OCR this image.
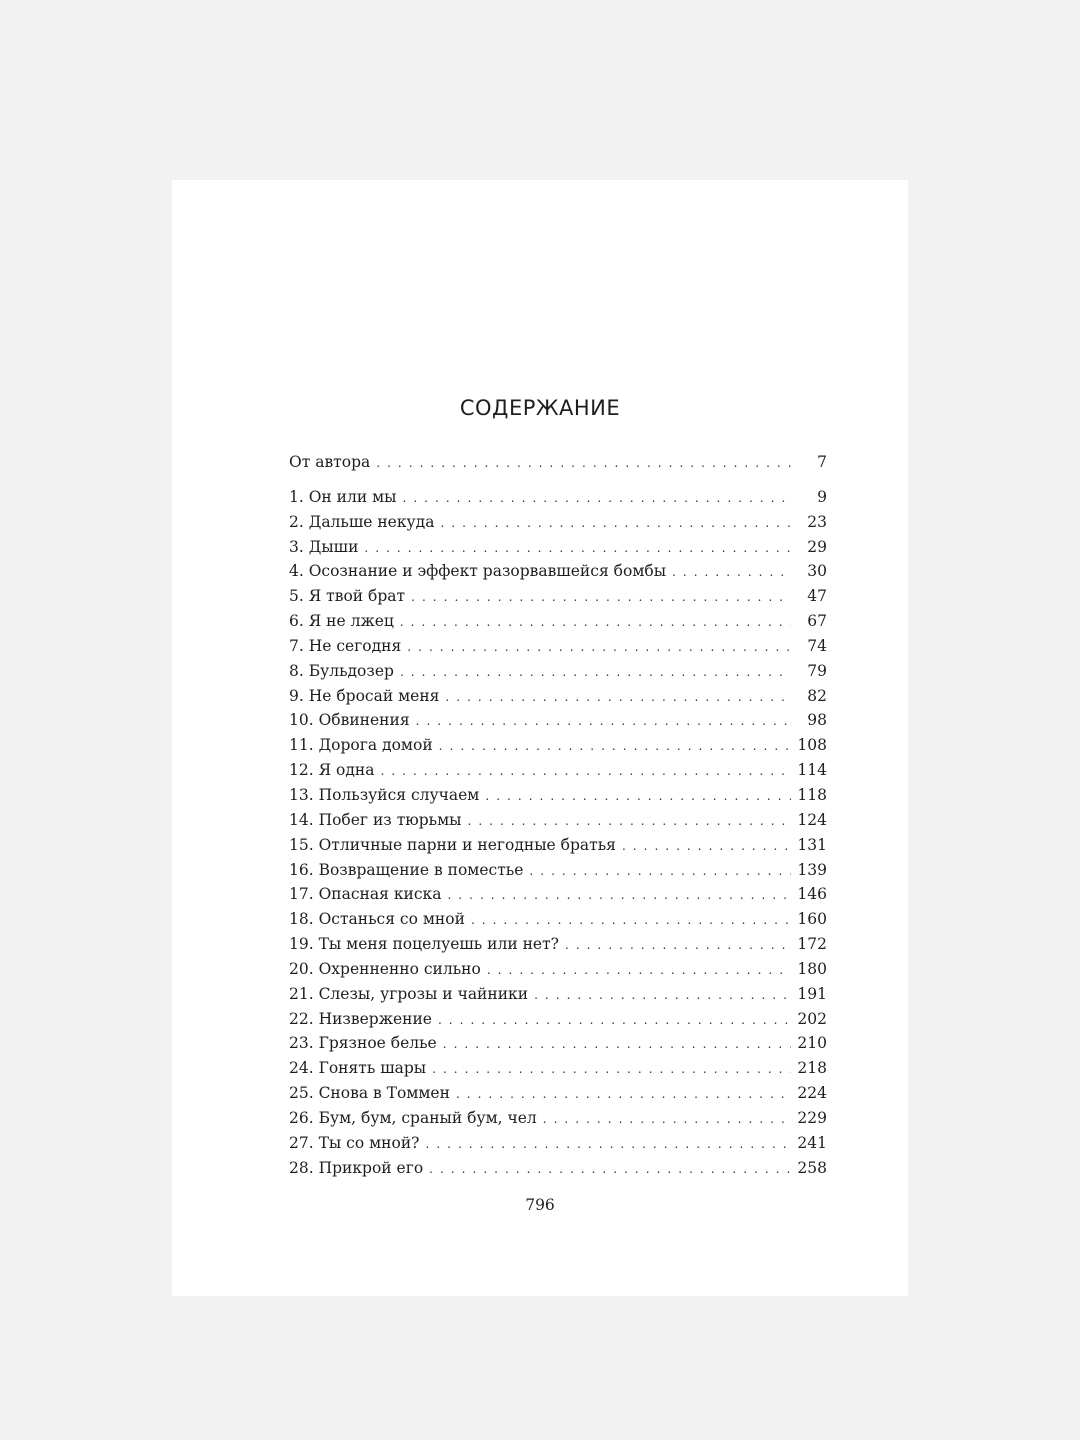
СОДЕРЖАНИЕ
От автора . . .	7
1. Он или мы . . .	9
2. Дальше некуда . . .	23
3. Дыши . . .	29
4. Осознание и эффект разорвавшейся бомбы . . .	30
5. Я твой брат . . .	47
6. Я не лжец . . .	67
7. Не сегодня . . .	74
8. Бульдозер . . .	79
9. Не бросай меня . . .	82
10. Обвинения . . .	98
11. Дорога домой . . .	108
12. Я одна . . .	114
13. Пользуйся случаем . . .	118
14. Побег из тюрьмы . . .	124
15. Отличные парни и негодные братья . . .	131
16. Возвращение в поместье . . .	139
17. Опасная киска . . .	146
18. Останься со мной . . .	160
19. Ты меня поцелуешь или нет? . . .	172
20. Охренненно сильно . . .	180
21. Слезы, угрозы и чайники . . .	191
22. Низвержение . . .	202
23. Грязное белье . . .	210
24. Гонять шары . . .	218
25. Снова в Томмен . . .	224
26. Бум, бум, сраный бум, чел . . .	229
27. Ты со мной? . . .	241
28. Прикрой его . . .	258
796
